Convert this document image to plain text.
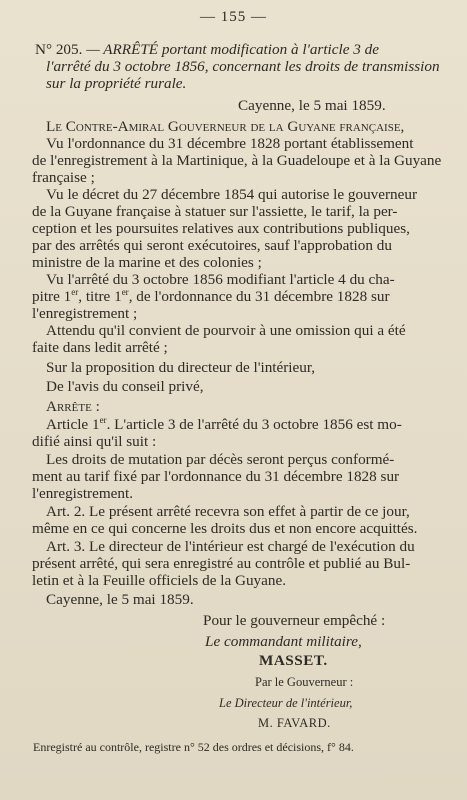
— 155 —
N° 205. — ARRÊTÉ portant modification à l'article 3 de
l'arrêté du 3 octobre 1856, concernant les droits de transmission
sur la propriété rurale.
Cayenne, le 5 mai 1859.
Le Contre-Amiral Gouverneur de la Guyane française,
Vu l'ordonnance du 31 décembre 1828 portant établissement
de l'enregistrement à la Martinique, à la Guadeloupe et à la Guyane
française ;
Vu le décret du 27 décembre 1854 qui autorise le gouverneur
de la Guyane française à statuer sur l'assiette, le tarif, la per-
ception et les poursuites relatives aux contributions publiques,
par des arrêtés qui seront exécutoires, sauf l'approbation du
ministre de la marine et des colonies ;
Vu l'arrêté du 3 octobre 1856 modifiant l'article 4 du cha-
pitre 1er, titre 1er, de l'ordonnance du 31 décembre 1828 sur
l'enregistrement ;
Attendu qu'il convient de pourvoir à une omission qui a été
faite dans ledit arrêté ;
Sur la proposition du directeur de l'intérieur,
De l'avis du conseil privé,
Arrête :
Article 1er. L'article 3 de l'arrêté du 3 octobre 1856 est mo-
difié ainsi qu'il suit :
Les droits de mutation par décès seront perçus conformé-
ment au tarif fixé par l'ordonnance du 31 décembre 1828 sur
l'enregistrement.
Art. 2. Le présent arrêté recevra son effet à partir de ce jour,
même en ce qui concerne les droits dus et non encore acquittés.
Art. 3. Le directeur de l'intérieur est chargé de l'exécution du
présent arrêté, qui sera enregistré au contrôle et publié au Bul-
letin et à la Feuille officiels de la Guyane.
Cayenne, le 5 mai 1859.
Pour le gouverneur empêché :
Le commandant militaire,
MASSET.
Par le Gouverneur :
Le Directeur de l'intérieur,
M. FAVARD.
Enregistré au contrôle, registre n° 52 des ordres et décisions, f° 84.
